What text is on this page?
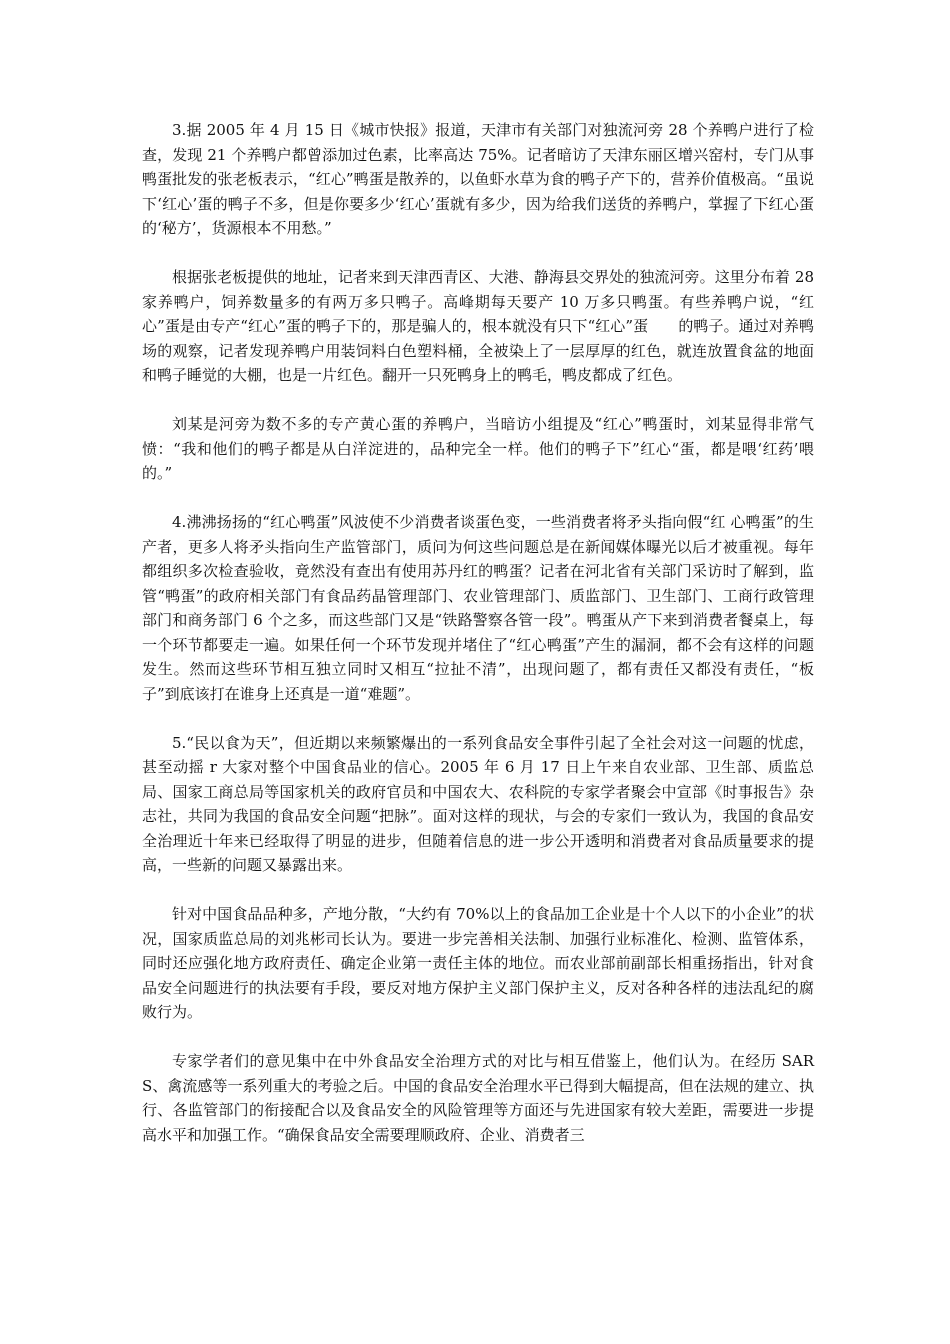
3.据 2005 年 4 月 15 日《城市快报》报道，天津市有关部门对独流河旁 28 个养鸭户进行了检查，发现 21 个养鸭户都曾添加过色素，比率高达 75%。记者暗访了天津东丽区增兴窑村，专门从事鸭蛋批发的张老板表示，“红心”鸭蛋是散养的，以鱼虾水草为食的鸭子产下的，营养价值极高。“虽说下‘红心’蛋的鸭子不多，但是你要多少‘红心’蛋就有多少，因为给我们送货的养鸭户，掌握了下红心蛋的‘秘方’，货源根本不用愁。”

根据张老板提供的地址，记者来到天津西青区、大港、静海县交界处的独流河旁。这里分布着 28 家养鸭户，饲养数量多的有两万多只鸭子。高峰期每天要产 10 万多只鸭蛋。有些养鸭户说，“红心”蛋是由专产“红心”蛋的鸭子下的，那是骗人的，根本就没有只下“红心”蛋　　的鸭子。通过对养鸭场的观察，记者发现养鸭户用装饲料白色塑料桶，全被染上了一层厚厚的红色，就连放置食盆的地面和鸭子睡觉的大棚，也是一片红色。翻开一只死鸭身上的鸭毛，鸭皮都成了红色。

刘某是河旁为数不多的专产黄心蛋的养鸭户，当暗访小组提及“红心”鸭蛋时，刘某显得非常气愤：“我和他们的鸭子都是从白洋淀进的，品种完全一样。他们的鸭子下”红心“蛋，都是喂‘红药’喂的。”

4.沸沸扬扬的“红心鸭蛋”风波使不少消费者谈蛋色变，一些消费者将矛头指向假“红 心鸭蛋”的生产者，更多人将矛头指向生产监管部门，质问为何这些问题总是在新闻媒体曝光以后才被重视。每年都组织多次检查验收，竟然没有查出有使用苏丹红的鸭蛋？记者在河北省有关部门采访时了解到，监管“鸭蛋”的政府相关部门有食品药晶管理部门、农业管理部门、质监部门、卫生部门、工商行政管理部门和商务部门 6 个之多，而这些部门又是“铁路警察各管一段”。鸭蛋从产下来到消费者餐桌上，每一个环节都要走一遍。如果任何一个环节发现并堵住了“红心鸭蛋”产生的漏洞，都不会有这样的问题发生。然而这些环节相互独立同时又相互“拉扯不清”，出现问题了，都有责任又都没有责任，“板子”到底该打在谁身上还真是一道“难题”。

5.“民以食为天”，但近期以来频繁爆出的一系列食品安全事件引起了全社会对这一问题的忧虑，甚至动摇 r 大家对整个中国食品业的信心。2005 年 6 月 17 日上午来自农业部、卫生部、质监总局、国家工商总局等国家机关的政府官员和中国农大、农科院的专家学者聚会中宣部《时事报告》杂志社，共同为我国的食品安全问题“把脉”。面对这样的现状，与会的专家们一致认为，我国的食品安全治理近十年来已经取得了明显的进步，但随着信息的进一步公开透明和消费者对食品质量要求的提高，一些新的问题又暴露出来。

针对中国食品品种多，产地分散，“大约有 70%以上的食品加工企业是十个人以下的小企业”的状况，国家质监总局的刘兆彬司长认为。要进一步完善相关法制、加强行业标准化、检测、监管体系，同时还应强化地方政府责任、确定企业第一责任主体的地位。而农业部前副部长相重扬指出，针对食品安全问题进行的执法要有手段，要反对地方保护主义部门保护主义，反对各种各样的违法乱纪的腐败行为。

专家学者们的意见集中在中外食品安全治理方式的对比与相互借鉴上，他们认为。在经历 SARS、禽流感等一系列重大的考验之后。中国的食品安全治理水平已得到大幅提高，但在法规的建立、执行、各监管部门的衔接配合以及食品安全的风险管理等方面还与先进国家有较大差距，需要进一步提高水平和加强工作。“确保食品安全需要理顺政府、企业、消费者三
